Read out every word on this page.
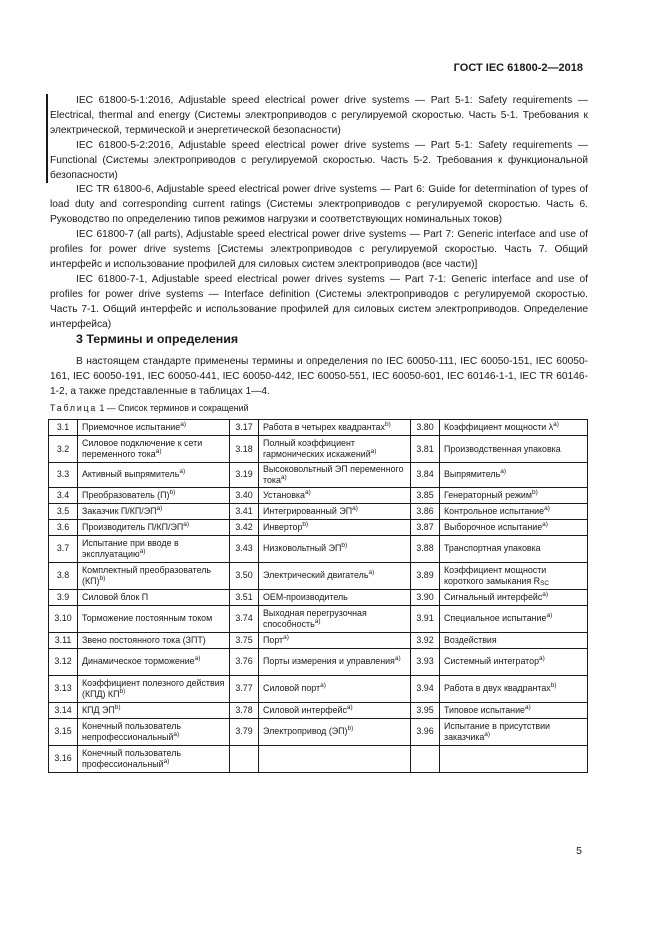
ГОСТ IEC 61800-2—2018

IEC 61800-5-1:2016, Adjustable speed electrical power drive systems — Part 5-1: Safety requirements — Electrical, thermal and energy (Системы электроприводов с регулируемой скоростью. Часть 5-1. Требования к электрической, термической и энергетической безопасности)

IEC 61800-5-2:2016, Adjustable speed electrical power drive systems — Part 5-1: Safety requirements — Functional (Системы электроприводов с регулируемой скоростью. Часть 5-2. Требования к функциональной безопасности)

IEC TR 61800-6, Adjustable speed electrical power drive systems — Part 6: Guide for determination of types of load duty and corresponding current ratings (Системы электроприводов с регулируемой скоростью. Часть 6. Руководство по определению типов режимов нагрузки и соответствующих номинальных токов)

IEC 61800-7 (all parts), Adjustable speed electrical power drive systems — Part 7: Generic interface and use of profiles for power drive systems [Системы электроприводов с регулируемой скоростью. Часть 7. Общий интерфейс и использование профилей для силовых систем электроприводов (все части)]

IEC 61800-7-1, Adjustable speed electrical power drives systems — Part 7-1: Generic interface and use of profiles for power drive systems — Interface definition (Системы электроприводов с регулируемой скоростью. Часть 7-1. Общий интерфейс и использование профилей для силовых систем электроприводов. Определение интерфейса)

3 Термины и определения

В настоящем стандарте применены термины и определения по IEC 60050-111, IEC 60050-151, IEC 60050-161, IEC 60050-191, IEC 60050-441, IEC 60050-442, IEC 60050-551, IEC 60050-601, IEC 60146-1-1, IEC TR 60146-1-2, а также представленные в таблицах 1—4.

Таблица 1 — Список терминов и сокращений

3.1	Приемочное испытание$^{a)}$	3.17	Работа в четырех квадрантах$^{b)}$	3.80	Коэффициент мощности $\lambda^{a)}$
3.2	Силовое подключение к сети переменного тока$^{a)}$	3.18	Полный коэффициент гармонических искажений$^{a)}$	3.81	Производственная упаковка
3.3	Активный выпрямитель$^{a)}$	3.19	Высоковольтный ЭП переменного тока$^{a)}$	3.84	Выпрямитель$^{a)}$
3.4	Преобразователь $(П)^{b)}$	3.40	Установка$^{a)}$	3.85	Генераторный режим$^{b)}$
3.5	Заказчик П/КП/ЭП$^{a)}$	3.41	Интегрированный ЭП$^{a)}$	3.86	Контрольное испытание$^{a)}$
3.6	Производитель П/КП/ЭП$^{a)}$	3.42	Инвертор$^{b)}$	3.87	Выборочное испытание$^{a)}$
3.7	Испытание при вводе в эксплуатацию$^{a)}$	3.43	Низковольтный ЭП$^{b)}$	3.88	Транспортная упаковка
3.8	Комплектный преобразователь (КП)$^{b)}$	3.50	Электрический двигатель$^{a)}$	3.89	Коэффициент мощности короткого замыкания $R_{SC}$
3.9	Силовой блок П	3.51	ОЕМ-производитель	3.90	Сигнальный интерфейс$^{a)}$
3.10	Торможение постоянным током	3.74	Выходная перегрузочная способность$^{a)}$	3.91	Специальное испытание$^{a)}$
3.11	Звено постоянного тока (ЗПТ)	3.75	Порт$^{a)}$	3.92	Воздействия
3.12	Динамическое торможение$^{a)}$	3.76	Порты измерения и управления$^{a)}$	3.93	Системный интегратор$^{a)}$
3.13	Коэффициент полезного действия (КПД) КП$^{b)}$	3.77	Силовой порт$^{a)}$	3.94	Работа в двух квадрантах$^{b)}$
3.14	КПД ЭП$^{b)}$	3.78	Силовой интерфейс$^{a)}$	3.95	Типовое испытание$^{a)}$
3.15	Конечный пользователь непрофессиональный$^{a)}$	3.79	Электропривод (ЭП)$^{b)}$	3.96	Испытание в присутствии заказчика$^{a)}$
3.16	Конечный пользователь профессиональный$^{a)}$				
5
